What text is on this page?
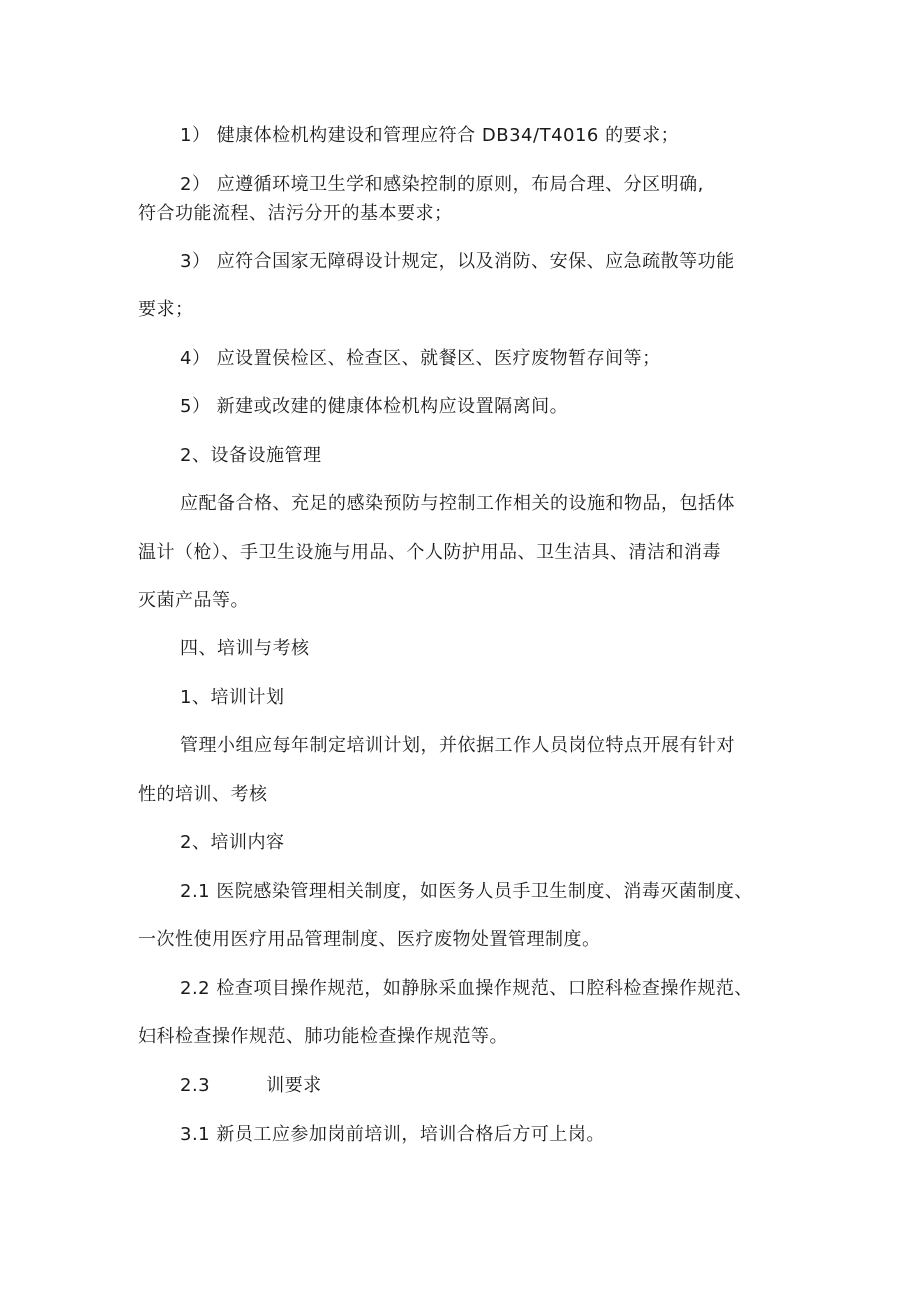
1） 健康体检机构建设和管理应符合 DB34/T4016 的要求；
2） 应遵循环境卫生学和感染控制的原则，布局合理、分区明确,
符合功能流程、洁污分开的基本要求；
3） 应符合国家无障碍设计规定，以及消防、安保、应急疏散等功能
要求；
4） 应设置侯检区、检查区、就餐区、医疗废物暂存间等；
5） 新建或改建的健康体检机构应设置隔离间。
2、设备设施管理
应配备合格、充足的感染预防与控制工作相关的设施和物品，包括体
温计（枪）、手卫生设施与用品、个人防护用品、卫生洁具、清洁和消毒
灭菌产品等。
四、培训与考核
1、培训计划
管理小组应每年制定培训计划，并依据工作人员岗位特点开展有针对
性的培训、考核
2、培训内容
2.1 医院感染管理相关制度，如医务人员手卫生制度、消毒灭菌制度、
一次性使用医疗用品管理制度、医疗废物处置管理制度。
2.2 检查项目操作规范，如静脉采血操作规范、口腔科检查操作规范、
妇科检查操作规范、肺功能检查操作规范等。
2.3	训要求
3.1 新员工应参加岗前培训，培训合格后方可上岗。
